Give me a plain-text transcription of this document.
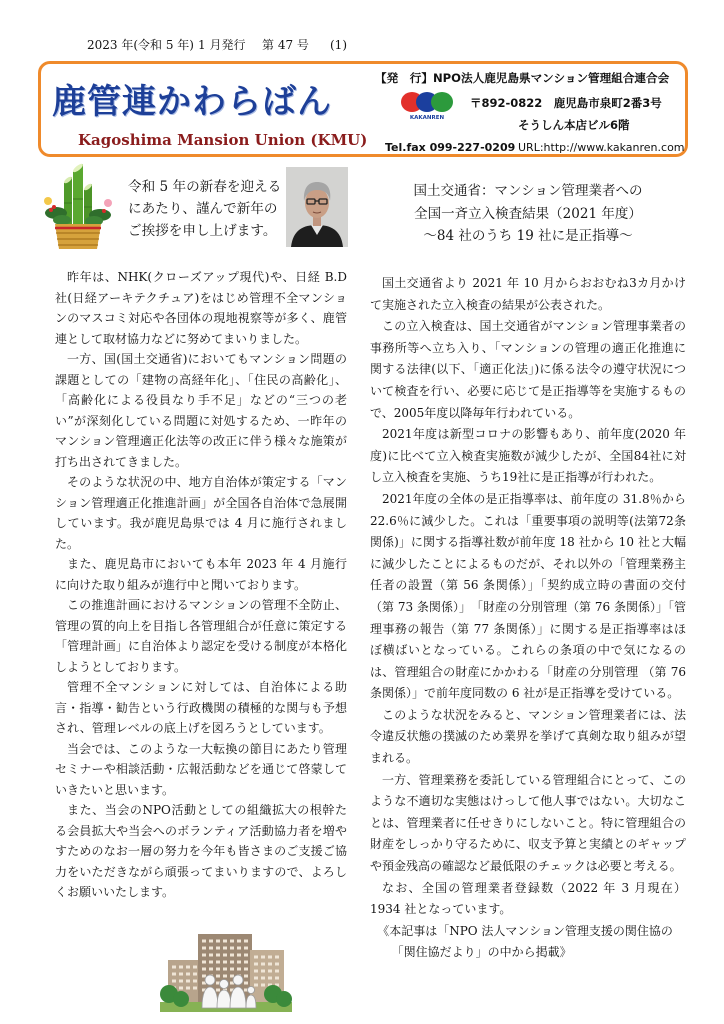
2023 年(令和 5 年) 1 月発行 第 47 号 (1)
鹿管連かわらばん
Kagoshima Mansion Union (KMU)
【発　行】NPO法人鹿児島県マンション管理組合連合会
KAKANREN
〒892-0822　鹿児島市泉町2番3号
そうしん本店ビル6階
Tel.fax 099-227-0209 URL:http://www.kakanren.com
令和 5 年の新春を迎える
にあたり、謹んで新年の
ご挨拶を申し上げます。
国土交通省：マンション管理業者への
全国一斉立入検査結果（2021 年度）
～84 社のうち 19 社に是正指導～

昨年は、NHK(クローズアップ現代)や、日経 B.D 社(日経アーキテクチュア)をはじめ管理不全マンションのマスコミ対応や各団体の現地視察等が多く、鹿管連として取材協力などに努めてまいりました。

一方、国(国土交通省)においてもマンション問題の課題としての「建物の高経年化」、「住民の高齢化」、「高齢化による役員なり手不足」などの“三つの老い”が深刻化している問題に対処するため、一昨年のマンション管理適正化法等の改正に伴う様々な施策が打ち出されてきました。

そのような状況の中、地方自治体が策定する「マンション管理適正化推進計画」が全国各自治体で急展開しています。我が鹿児島県では 4 月に施行されました。

また、鹿児島市においても本年 2023 年 4 月施行に向けた取り組みが進行中と聞いております。

この推進計画におけるマンションの管理不全防止、管理の質的向上を目指し各管理組合が任意に策定する「管理計画」に自治体より認定を受ける制度が本格化しようとしております。

管理不全マンションに対しては、自治体による助言・指導・勧告という行政機関の積極的な関与も予想され、管理レベルの底上げを図ろうとしています。

当会では、このような一大転換の節目にあたり管理セミナーや相談活動・広報活動などを通じて啓蒙していきたいと思います。

また、当会のNPO活動としての組織拡大の根幹たる会員拡大や当会へのボランティア活動協力者を増やすためのなお一層の努力を今年も皆さまのご支援ご協力をいただきながら頑張ってまいりますので、よろしくお願いいたします。

国土交通省より 2021 年 10 月からおおむね3カ月かけて実施された立入検査の結果が公表された。

この立入検査は、国土交通省がマンション管理事業者の事務所等へ立ち入り、「マンションの管理の適正化推進に関する法律(以下、「適正化法」)に係る法令の遵守状況について検査を行い、必要に応じて是正指導等を実施するもので、2005年度以降毎年行われている。

2021年度は新型コロナの影響もあり、前年度(2020 年度)に比べて立入検査実施数が減少したが、全国84社に対し立入検査を実施、うち19社に是正指導が行われた。

2021年度の全体の是正指導率は、前年度の 31.8％から 22.6％に減少した。これは「重要事項の説明等(法第72条関係)」に関する指導社数が前年度 18 社から 10 社と大幅に減少したことによるものだが、それ以外の「管理業務主任者の設置（第 56 条関係）」「契約成立時の書面の交付（第 73 条関係）」　「財産の分別管理（第 76 条関係）」「管理事務の報告（第 77 条関係）」に関する是正指導率はほぼ横ばいとなっている。これらの条項の中で気になるのは、管理組合の財産にかかわる「財産の分別管理 （第 76 条関係）」で前年度同数の 6 社が是正指導を受けている。

このような状況をみると、マンション管理業者には、法令違反状態の撲滅のため業界を挙げて真剣な取り組みが望まれる。

一方、管理業務を委託している管理組合にとって、このような不適切な実態はけっして他人事ではない。大切なことは、管理業者に任せきりにしないこと。特に管理組合の財産をしっかり守るために、収支予算と実績とのギャップや預金残高の確認など最低限のチェックは必要と考える。

なお、全国の管理業者登録数（2022 年 3 月現在）1934 社となっています。

《本記事は「NPO 法人マンション管理支援の関住協の
「関住協だより」の中から掲載》
